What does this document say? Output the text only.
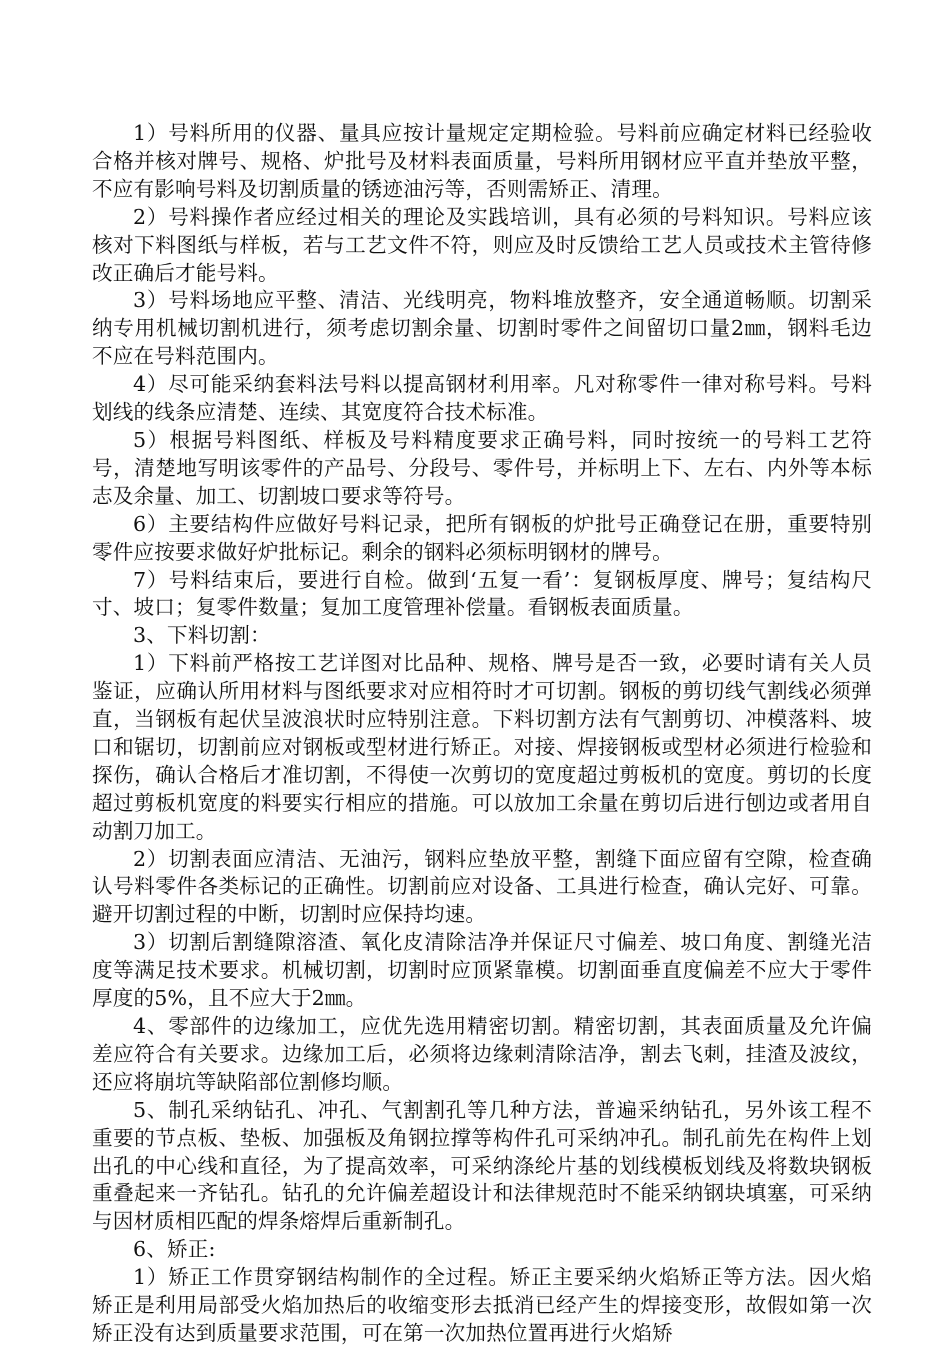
1）号料所用的仪器、量具应按计量规定定期检验。号料前应确定材料已经验收合格并核对牌号、规格、炉批号及材料表面质量，号料所用钢材应平直并垫放平整，不应有影响号料及切割质量的锈迹油污等，否则需矫正、清理。

2）号料操作者应经过相关的理论及实践培训，具有必须的号料知识。号料应该核对下料图纸与样板，若与工艺文件不符，则应及时反馈给工艺人员或技术主管待修改正确后才能号料。

3）号料场地应平整、清洁、光线明亮，物料堆放整齐，安全通道畅顺。切割采纳专用机械切割机进行，须考虑切割余量、切割时零件之间留切口量2㎜，钢料毛边不应在号料范围内。

4）尽可能采纳套料法号料以提高钢材利用率。凡对称零件一律对称号料。号料划线的线条应清楚、连续、其宽度符合技术标准。

5）根据号料图纸、样板及号料精度要求正确号料，同时按统一的号料工艺符号，清楚地写明该零件的产品号、分段号、零件号，并标明上下、左右、内外等本标志及余量、加工、切割坡口要求等符号。

6）主要结构件应做好号料记录，把所有钢板的炉批号正确登记在册，重要特别零件应按要求做好炉批标记。剩余的钢料必须标明钢材的牌号。

7）号料结束后，要进行自检。做到‘五复一看’：复钢板厚度、牌号；复结构尺寸、坡口；复零件数量；复加工度管理补偿量。看钢板表面质量。

3、下料切割：

1）下料前严格按工艺详图对比品种、规格、牌号是否一致，必要时请有关人员鉴证，应确认所用材料与图纸要求对应相符时才可切割。钢板的剪切线气割线必须弹直，当钢板有起伏呈波浪状时应特别注意。下料切割方法有气割剪切、冲模落料、坡口和锯切，切割前应对钢板或型材进行矫正。对接、焊接钢板或型材必须进行检验和探伤，确认合格后才准切割，不得使一次剪切的宽度超过剪板机的宽度。剪切的长度超过剪板机宽度的料要实行相应的措施。可以放加工余量在剪切后进行刨边或者用自动割刀加工。

2）切割表面应清洁、无油污，钢料应垫放平整，割缝下面应留有空隙，检查确认号料零件各类标记的正确性。切割前应对设备、工具进行检查，确认完好、可靠。避开切割过程的中断，切割时应保持均速。

3）切割后割缝隙溶渣、氧化皮清除洁净并保证尺寸偏差、坡口角度、割缝光洁度等满足技术要求。机械切割，切割时应顶紧靠模。切割面垂直度偏差不应大于零件厚度的5%，且不应大于2㎜。

4、零部件的边缘加工，应优先选用精密切割。精密切割，其表面质量及允许偏差应符合有关要求。边缘加工后，必须将边缘刺清除洁净，割去飞刺，挂渣及波纹，还应将崩坑等缺陷部位割修均顺。

5、制孔采纳钻孔、冲孔、气割割孔等几种方法，普遍采纳钻孔，另外该工程不重要的节点板、垫板、加强板及角钢拉撑等构件孔可采纳冲孔。制孔前先在构件上划出孔的中心线和直径，为了提高效率，可采纳涤纶片基的划线模板划线及将数块钢板重叠起来一齐钻孔。钻孔的允许偏差超设计和法律规范时不能采纳钢块填塞，可采纳与因材质相匹配的焊条熔焊后重新制孔。

6、矫正:

1）矫正工作贯穿钢结构制作的全过程。矫正主要采纳火焰矫正等方法。因火焰矫正是利用局部受火焰加热后的收缩变形去抵消已经产生的焊接变形，故假如第一次矫正没有达到质量要求范围，可在第一次加热位置再进行火焰矫
